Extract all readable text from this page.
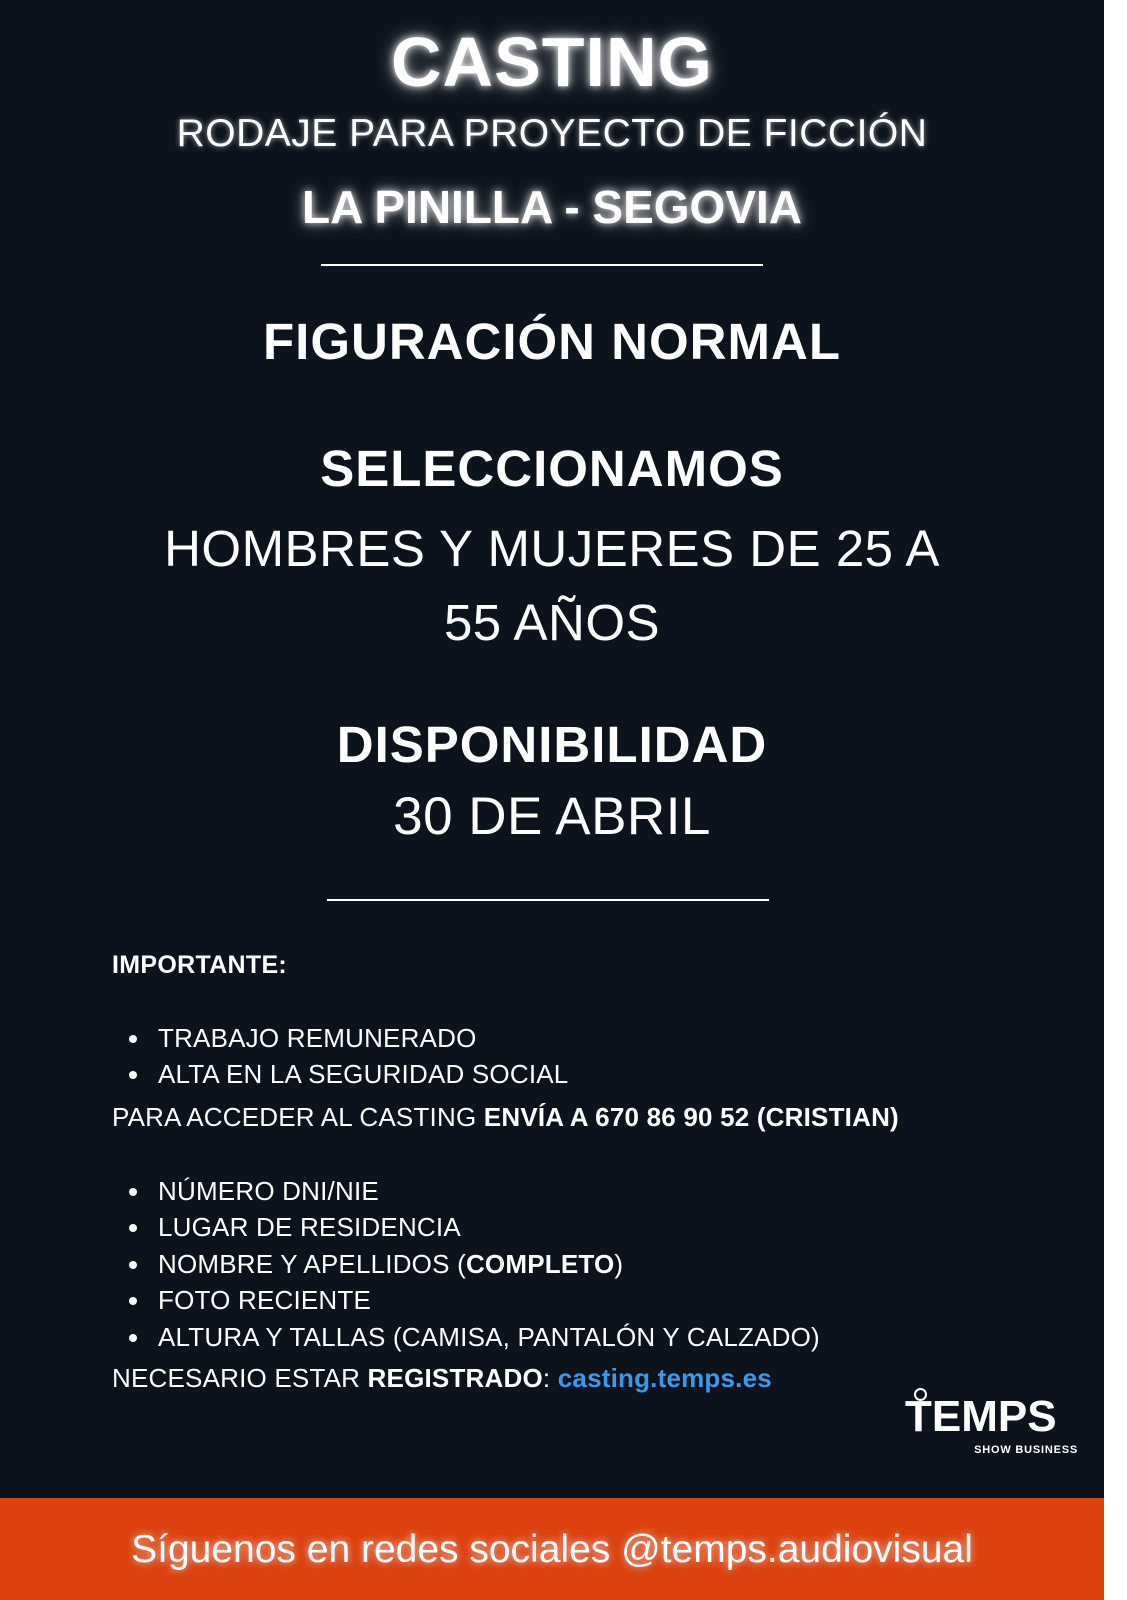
CASTING
RODAJE PARA PROYECTO DE FICCIÓN
LA PINILLA - SEGOVIA
FIGURACIÓN NORMAL
SELECCIONAMOS
HOMBRES Y MUJERES DE 25 A 55 AÑOS
DISPONIBILIDAD
30 DE ABRIL
IMPORTANTE:
TRABAJO REMUNERADO
ALTA EN LA SEGURIDAD SOCIAL
PARA ACCEDER AL CASTING ENVÍA A 670 86 90 52 (CRISTIAN)
NÚMERO DNI/NIE
LUGAR DE RESIDENCIA
NOMBRE Y APELLIDOS (COMPLETO)
FOTO RECIENTE
ALTURA Y TALLAS (CAMISA, PANTALÓN Y CALZADO)
NECESARIO ESTAR REGISTRADO: casting.temps.es
TEMPS
SHOW BUSINESS
Síguenos en redes sociales @temps.audiovisual
